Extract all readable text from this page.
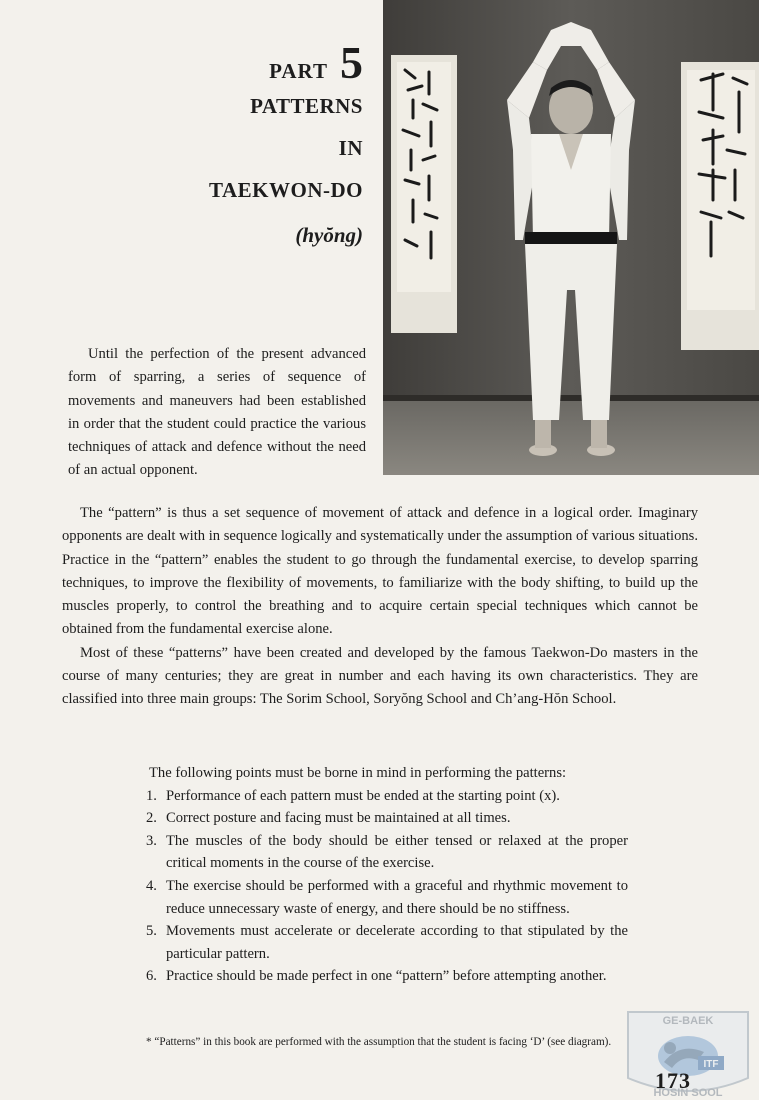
PART 5
PATTERNS
IN
TAEKWON-DO
(hyŏng)

Until the perfection of the present advanced form of sparring, a series of sequence of movements and maneuvers had been established in order that the student could practice the various techniques of attack and defence without the need of an actual opponent.

The “pattern” is thus a set sequence of movement of attack and defence in a logical order. Imaginary opponents are dealt with in sequence logically and systematically under the assumption of various situations. Practice in the “pattern” enables the student to go through the fundamental exercise, to develop sparring techniques, to improve the flexibility of movements, to familiarize with the body shifting, to build up the muscles properly, to control the breathing and to acquire certain special techniques which cannot be obtained from the fundamental exercise alone.

Most of these “patterns” have been created and developed by the famous Taekwon-Do masters in the course of many centuries; they are great in number and each having its own characteristics. They are classified into three main groups: The Sorim School, Soryŏng School and Ch’ang-Hŏn School.

The following points must be borne in mind in performing the patterns:

1. Performance of each pattern must be ended at the starting point (x).
2. Correct posture and facing must be maintained at all times.
3. The muscles of the body should be either tensed or relaxed at the proper critical moments in the course of the exercise.
4. The exercise should be performed with a graceful and rhythmic movement to reduce unnecessary waste of energy, and there should be no stiffness.
5. Movements must accelerate or decelerate according to that stipulated by the particular pattern.
6. Practice should be made perfect in one “pattern” before attempting another.

* “Patterns” in this book are performed with the assumption that the student is facing ‘D’ (see diagram).

GE-BAEK
ITF
HOSIN SOOL
173
